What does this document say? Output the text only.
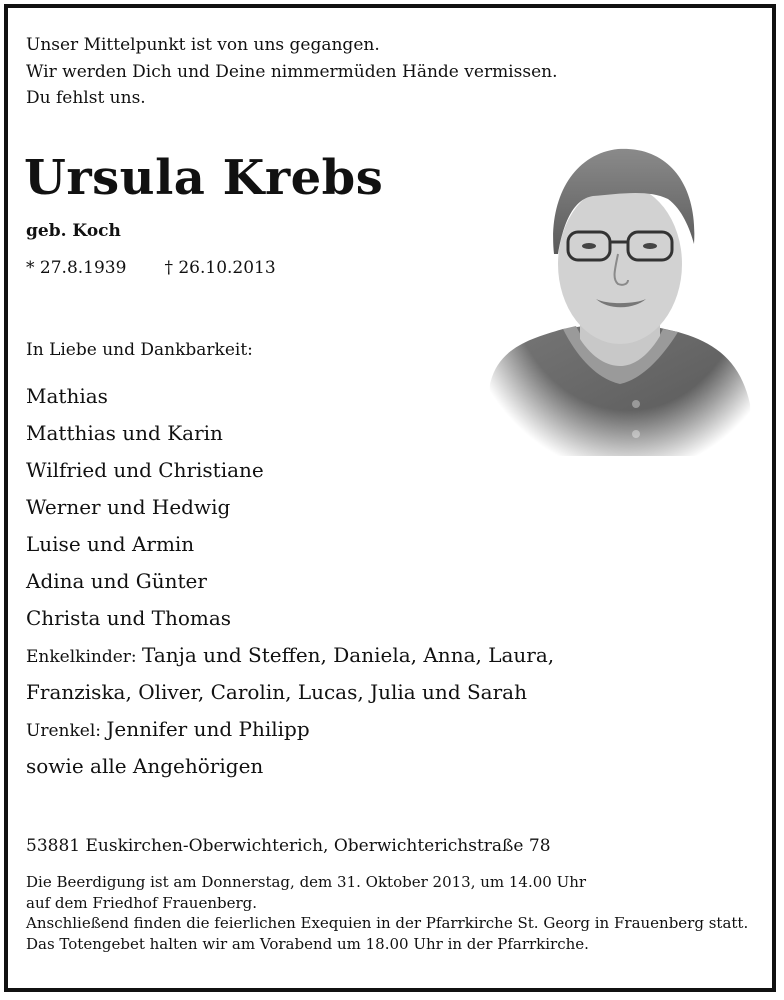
Unser Mittelpunkt ist von uns gegangen.
Wir werden Dich und Deine nimmermüden Hände vermissen.
Du fehlst uns.
Ursula Krebs
geb. Koch
* 27.8.1939 † 26.10.2013
In Liebe und Dankbarkeit:
Mathias
Matthias und Karin
Wilfried und Christiane
Werner und Hedwig
Luise und Armin
Adina und Günter
Christa und Thomas
Enkelkinder: Tanja und Steffen, Daniela, Anna, Laura,
Franziska, Oliver, Carolin, Lucas, Julia und Sarah
Urenkel: Jennifer und Philipp
sowie alle Angehörigen
53881 Euskirchen-Oberwichterich, Oberwichterichstraße 78
Die Beerdigung ist am Donnerstag, dem 31. Oktober 2013, um 14.00 Uhr
auf dem Friedhof Frauenberg.
Anschließend finden die feierlichen Exequien in der Pfarrkirche St. Georg in Frauenberg statt.
Das Totengebet halten wir am Vorabend um 18.00 Uhr in der Pfarrkirche.
